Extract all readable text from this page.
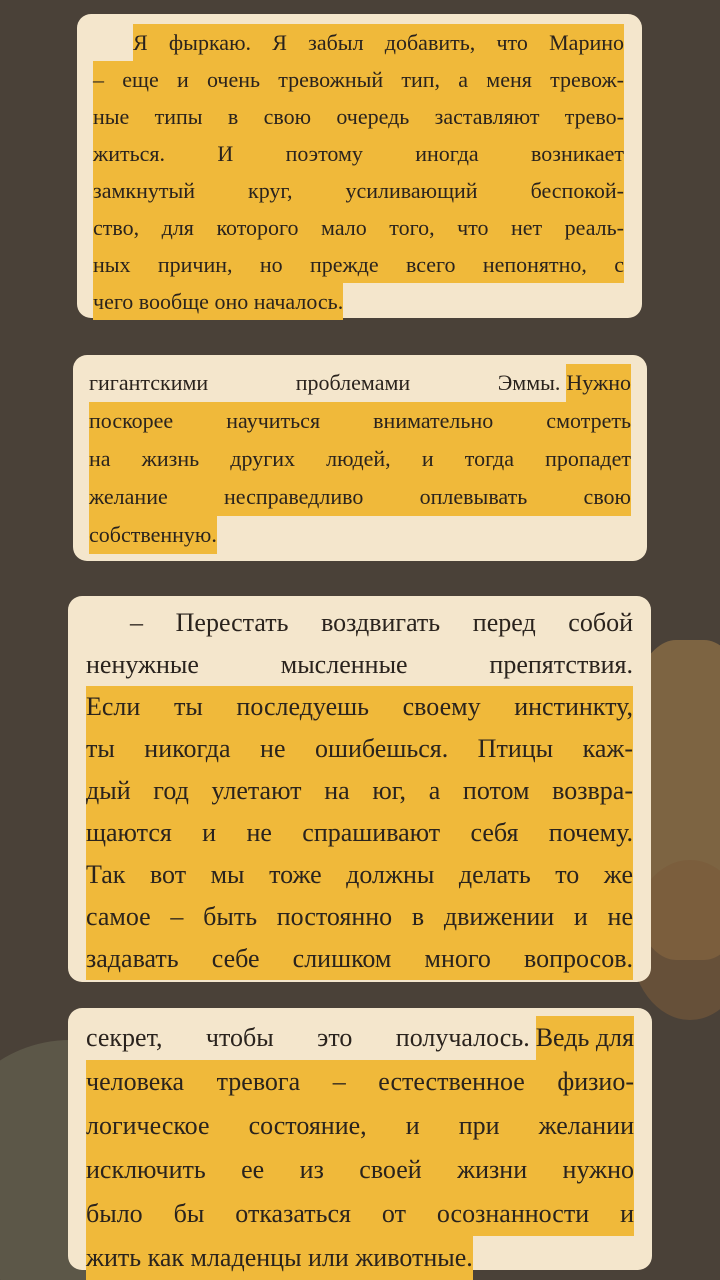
Я фыркаю. Я забыл добавить, что Марино
– еще и очень тревожный тип, а меня тревож-
ные типы в свою очередь заставляют трево-
житься. И поэтому иногда возникает
замкнутый круг, усиливающий беспокой-
ство, для которого мало того, что нет реаль-
ных причин, но прежде всего непонятно, с
чего вообще оно началось.
гигантскими проблемами Эммы. Нужно
поскорее научиться внимательно смотреть
на жизнь других людей, и тогда пропадет
желание несправедливо оплевывать свою
собственную.
– Перестать воздвигать перед собой
ненужные мысленные препятствия.
Если ты последуешь своему инстинкту,
ты никогда не ошибешься. Птицы каж-
дый год улетают на юг, а потом возвра-
щаются и не спрашивают себя почему.
Так вот мы тоже должны делать то же
самое – быть постоянно в движении и не
задавать себе слишком много вопросов.
секрет, чтобы это получалось. Ведь для
человека тревога – естественное физио-
логическое состояние, и при желании
исключить ее из своей жизни нужно
было бы отказаться от осознанности и
жить как младенцы или животные.
